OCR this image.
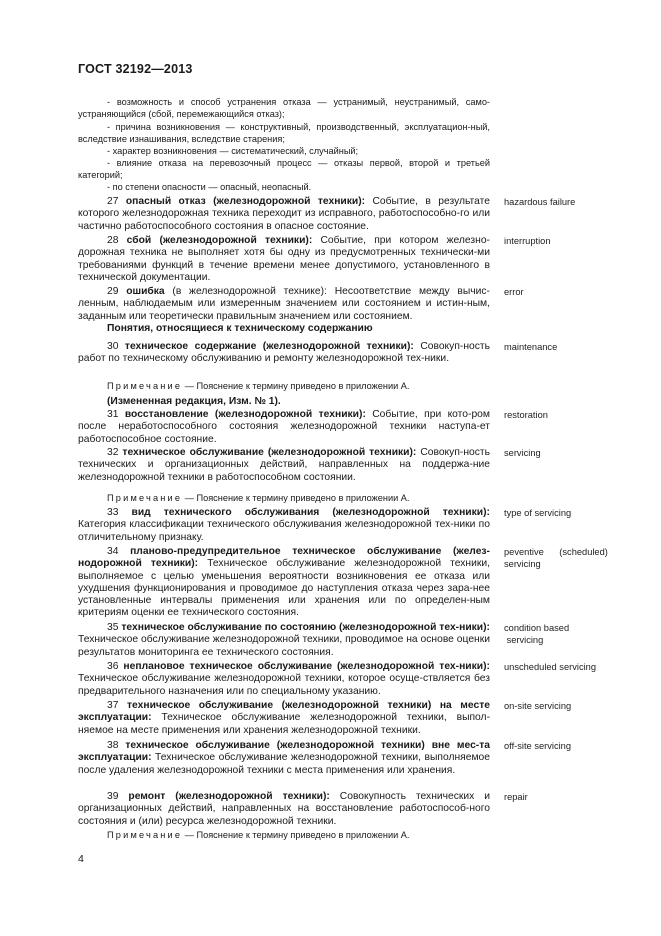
ГОСТ 32192—2013
- возможность и способ устранения отказа — устранимый, неустранимый, само-устраняющийся (сбой, перемежающийся отказ);
- причина возникновения — конструктивный, производственный, эксплуатацион-ный, вследствие изнашивания, вследствие старения;
- характер возникновения — систематический, случайный;
- влияние отказа на перевозочный процесс — отказы первой, второй и третьей категорий;
- по степени опасности — опасный, неопасный.
27 опасный отказ (железнодорожной техники): Событие, в результате которого железнодорожная техника переходит из исправного, работоспособно-го или частично работоспособного состояния в опасное состояние.
hazardous failure
28 сбой (железнодорожной техники): Событие, при котором железно-дорожная техника не выполняет хотя бы одну из предусмотренных технически-ми требованиями функций в течение времени менее допустимого, установленного в технической документации.
interruption
29 ошибка (в железнодорожной технике): Несоответствие между вычис-ленным, наблюдаемым или измеренным значением или состоянием и истин-ным, заданным или теоретически правильным значением или состоянием.
error
Понятия, относящиеся к техническому содержанию
30 техническое содержание (железнодорожной техники): Совокуп-ность работ по техническому обслуживанию и ремонту железнодорожной тех-ники.
maintenance
Примечание — Пояснение к термину приведено в приложении А.
(Измененная редакция, Изм. № 1).
31 восстановление (железнодорожной техники): Событие, при кото-ром после неработоспособного состояния железнодорожной техники наступа-ет работоспособное состояние.
restoration
32 техническое обслуживание (железнодорожной техники): Совокуп-ность технических и организационных действий, направленных на поддержа-ние железнодорожной техники в работоспособном состоянии.
servicing
Примечание — Пояснение к термину приведено в приложении А.
33 вид технического обслуживания (железнодорожной техники): Категория классификации технического обслуживания железнодорожной тех-ники по отличительному признаку.
type of servicing
34 планово-предупредительное техническое обслуживание (желез-нодорожной техники): Техническое обслуживание железнодорожной техники, выполняемое с целью уменьшения вероятности возникновения ее отказа или ухудшения функционирования и проводимое до наступления отказа через зара-нее установленные интервалы применения или хранения или по определен-ным критериям оценки ее технического состояния.
peventive      (scheduled)
servicing
35 техническое обслуживание по состоянию (железнодорожной тех-ники): Техническое обслуживание железнодорожной техники, проводимое на основе оценки результатов мониторинга ее технического состояния.
condition based
servicing
36 неплановое техническое обслуживание (железнодорожной тех-ники): Техническое обслуживание железнодорожной техники, которое осуще-ствляется без предварительного назначения или по специальному указанию.
unscheduled servicing
37 техническое обслуживание (железнодорожной техники) на месте эксплуатации: Техническое обслуживание железнодорожной техники, выпол-няемое на месте применения или хранения железнодорожной техники.
on-site servicing
38 техническое обслуживание (железнодорожной техники) вне мес-та эксплуатации: Техническое обслуживание железнодорожной техники, выполняемое после удаления железнодорожной техники с места применения или хранения.
off-site servicing
39 ремонт (железнодорожной техники): Совокупность технических и организационных действий, направленных на восстановление работоспособ-ного состояния и (или) ресурса железнодорожной техники.
repair
Примечание — Пояснение к термину приведено в приложении А.
4
